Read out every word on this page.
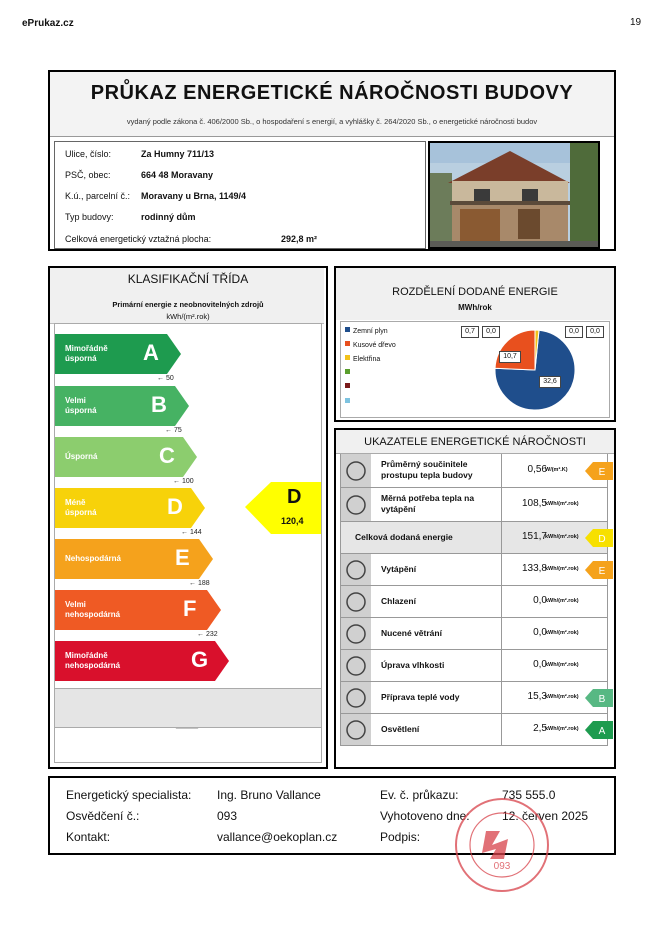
ePrukaz.cz	19
PRŮKAZ ENERGETICKÉ NÁROČNOSTI BUDOVY
vydaný podle zákona č. 406/2000 Sb., o hospodaření s energií, a vyhlášky č. 264/2020 Sb., o energetické náročnosti budov
Ulice, číslo:	Za Humny 711/13
PSČ, obec:	664 48 Moravany
K.ú., parcelní č.: Moravany u Brna, 1149/4
Typ budovy:	rodinný dům
Celková energetický vztažná plocha:	292,8 m²
KLASIFIKAČNÍ TŘÍDA
Primární energie z neobnovitelných zdrojů
kWh/(m².rok)
Mimořádně
úsporná	A
← 50
Velmi
úsporná B
← 75
Úsporná	C
← 100
Méně
úsporná	D
← 144
Nehospodárná E
← 188
Velmi
nehospodárná	F
← 232
Mimořádně
nehospodárná	G
D
120,4
ROZDĚLENÍ DODANÉ ENERGIE
MWh/rok
Zemní plyn
Kusové dřevo
Elektřina
0,7	0,0	0,0	0,0
10,7
32,6
UKAZATELE ENERGETICKÉ NÁROČNOSTI
Průměrný součinitele
prostupu tepla budovy	0,56
W/(m².K)	E
Měrná potřeba tepla na
vytápění	108,5
kWh/(m².rok)
Celková dodaná energie	151,7
kWh/(m².rok) D
Vytápění	133,8
kWh/(m².rok) E
Chlazení	0,0
kWh/(m².rok)
Nucené větrání	0,0
kWh/(m².rok)
Úprava vlhkosti	0,0
kWh/(m².rok)
Příprava teplé vody	15,3
kWh/(m².rok) B
Osvětlení	2,5
kWh/(m².rok) A
Energetický specialista: Ing. Bruno Vallance
Osvědčení č.:	093
Kontakt:	vallance@oekoplan.cz
Ev. č. průkazu:	735 555.0
Vyhotoveno dne:	12. červen 2025
Podpis:
093
